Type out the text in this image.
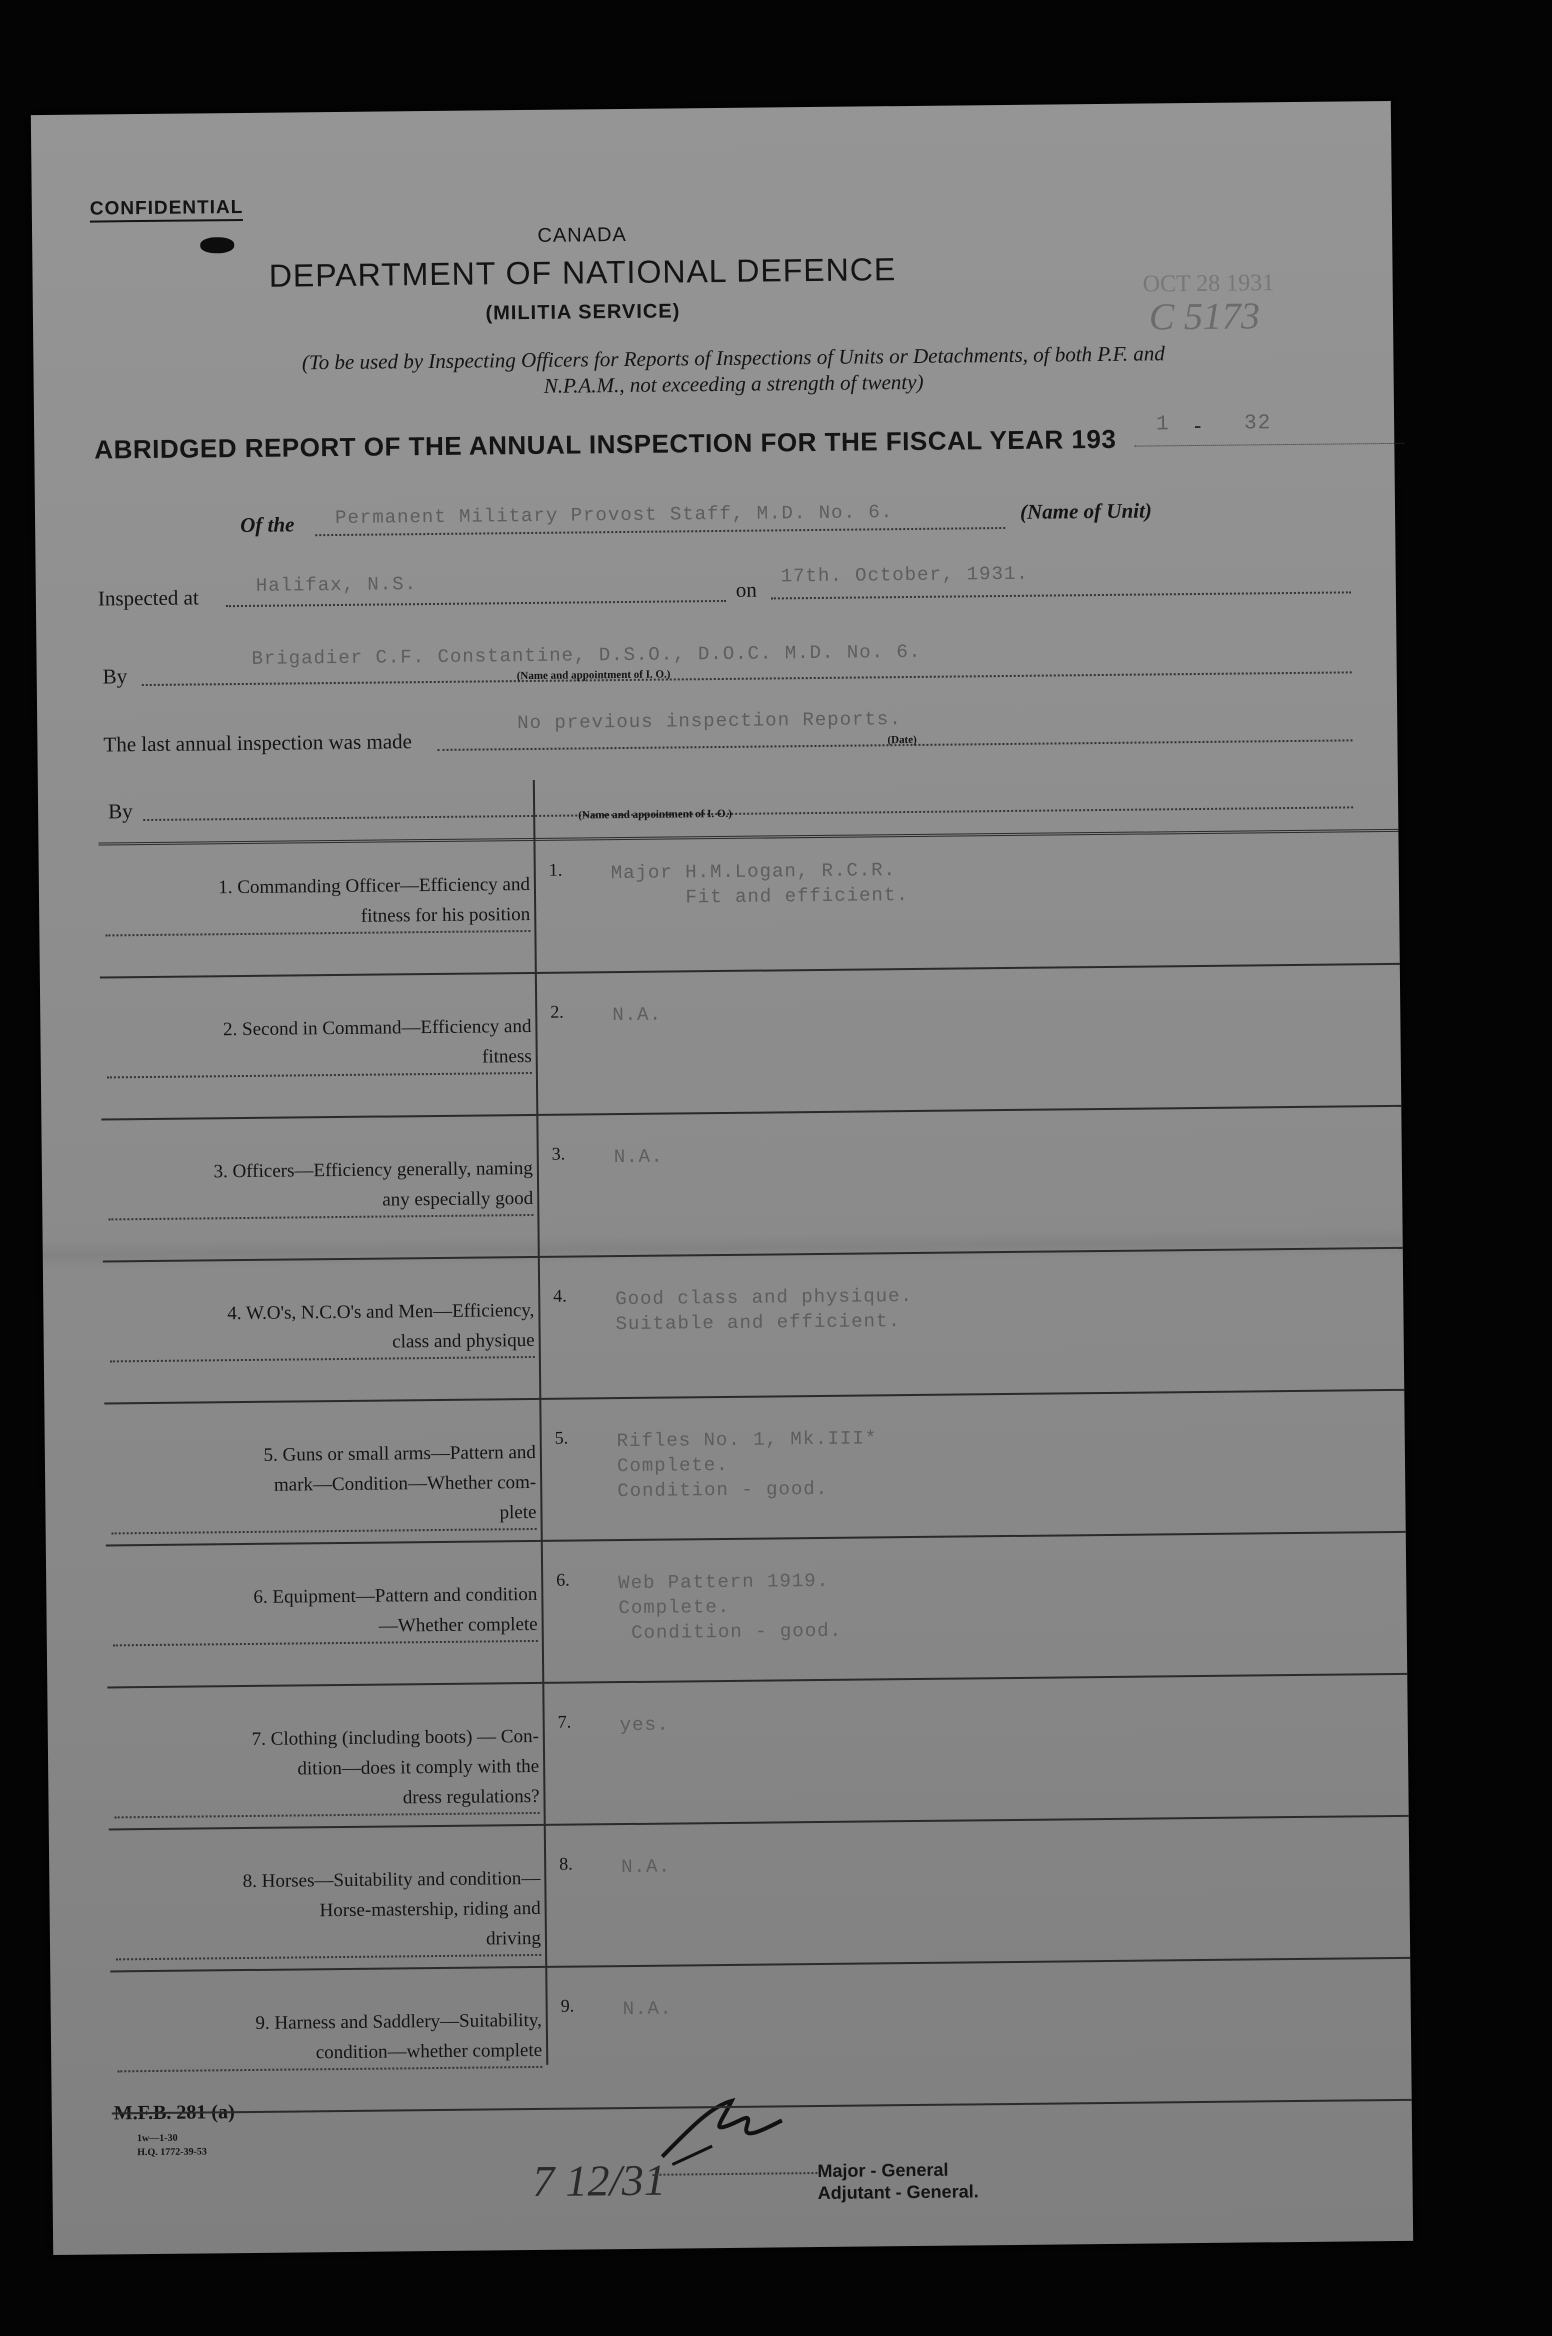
CONFIDENTIAL
CANADA
DEPARTMENT OF NATIONAL DEFENCE
(MILITIA SERVICE)
OCT 28 1931
C 5173
(To be used by Inspecting Officers for Reports of Inspections of Units or Detachments, of both P.F. and
N.P.A.M., not exceeding a strength of twenty)
ABRIDGED REPORT OF THE ANNUAL INSPECTION FOR THE FISCAL YEAR 193 1 - 32
Of the Permanent Military Provost Staff, M.D. No. 6.	(Name of Unit)
Inspected at
Halifax, N.S.	on
17th. October, 1931.
By
Brigadier C.F. Constantine, D.S.O., D.O.C. M.D. No. 6.
(Name and appointment of I. O.)
The last annual inspection was made
No previous inspection Reports.
(Date)
By	(Name and appointment of I. O.)
M.F.B. 281 (a)
1w—1-30
H.Q. 1772-39-53
7 12/31	Major - General
Adjutant - General.
1. Commanding Officer—Efficiency and
fitness for his position
1.	Major H.M.Logan, R.C.R.
Fit and efficient.
2. Second in Command—Efficiency and
fitness
2.	N.A.
3. Officers—Efficiency generally, naming
any especially good
3.	N.A.
4. W.O's, N.C.O's and Men—Efficiency,
class and physique
4.	Good class and physique.
Suitable and efficient.
5. Guns or small arms—Pattern and
mark—Condition—Whether com-
plete
5.	Rifles No. 1, Mk.III*
Complete.
Condition - good.
6. Equipment—Pattern and condition
—Whether complete
6.	Web Pattern 1919.
Complete.
Condition - good.
7. Clothing (including boots) — Con-
dition—does it comply with the
dress regulations?
7.	yes.
8. Horses—Suitability and condition—
Horse-mastership, riding and
driving
8.	N.A.
9. Harness and Saddlery—Suitability,
condition—whether complete
9.	N.A.
